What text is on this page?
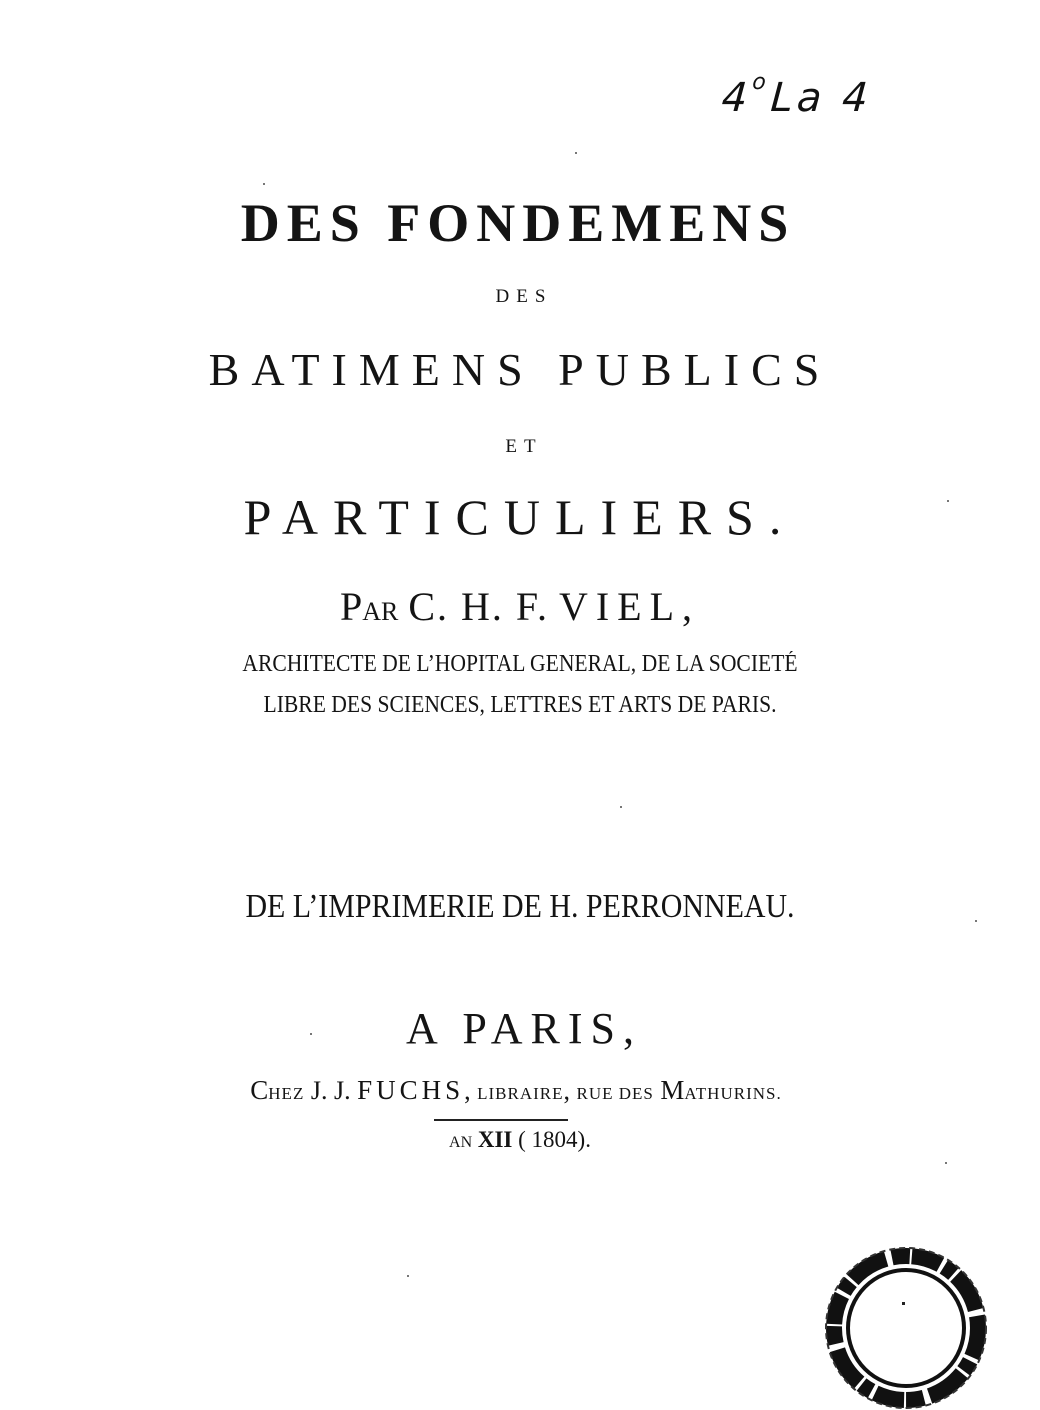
4$^o$La 4
DES FONDEMENS
DES
BATIMENS PUBLICS
ET
PARTICULIERS.
PAR C. H. F. VIEL,
ARCHITECTE DE L’HOPITAL GENERAL, DE LA SOCIETÉ
LIBRE DES SCIENCES, LETTRES ET ARTS DE PARIS.
DE L’IMPRIMERIE DE H. PERRONNEAU.
A PARIS,
CHEZ J. J. FUCHS, LIBRAIRE, RUE DES MATHURINS.
AN XII ( 1804).
